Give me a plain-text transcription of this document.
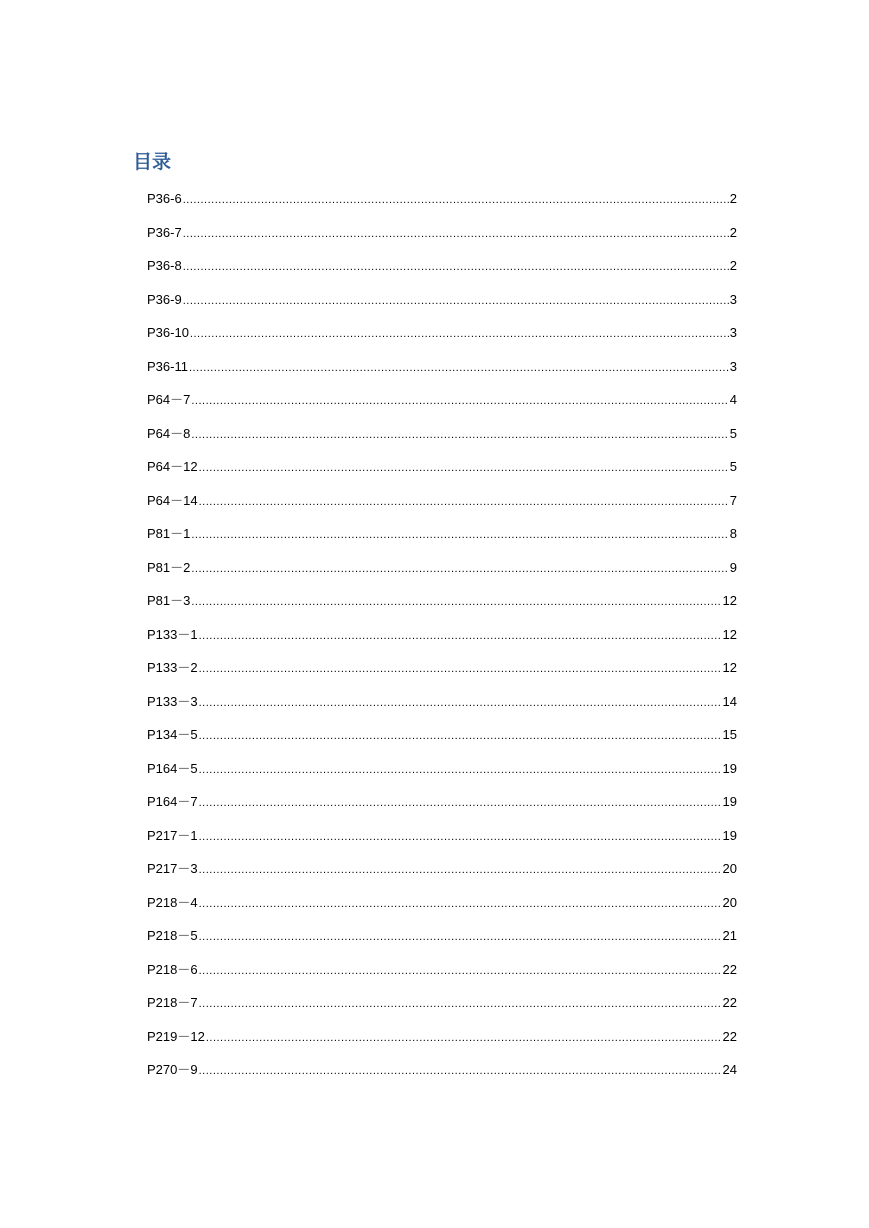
目录
P36-6 .....	2
P36-7 .....	2
P36-8 .....	2
P36-9 .....	3
P36-10 .....	3
P36-11 .....	3
P64－7 .....	4
P64－8 .....	5
P64－12 .....	5
P64－14 .....	7
P81－1 .....	8
P81－2 .....	9
P81－3 .....	12
P133－1 .....	12
P133－2 .....	12
P133－3 .....	14
P134－5 .....	15
P164－5 .....	19
P164－7 .....	19
P217－1 .....	19
P217－3 .....	20
P218－4 .....	20
P218－5 .....	21
P218－6 .....	22
P218－7 .....	22
P219－12 .....	22
P270－9 .....	24
